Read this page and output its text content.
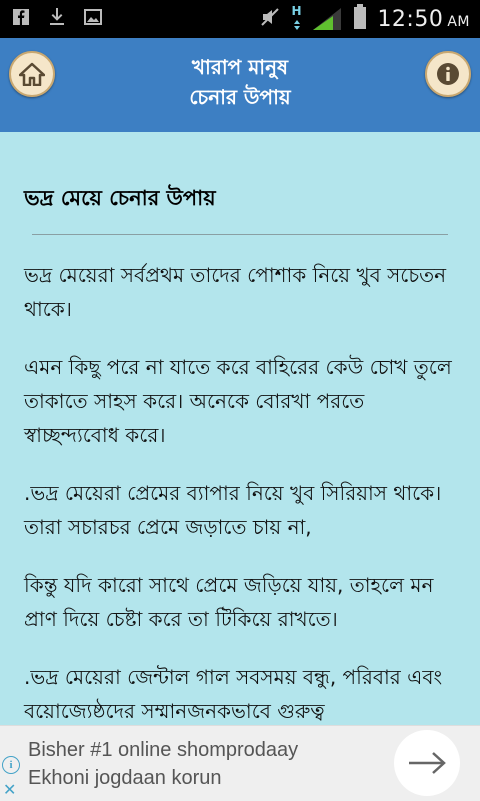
H	12:50 AM
খারাপ মানুষ
চেনার উপায়
ভদ্র মেয়ে চেনার উপায়

ভদ্র মেয়েরা সর্বপ্রথম তাদের পোশাক নিয়ে খুব সচেতন থাকে।

এমন কিছু পরে না যাতে করে বাহিরের কেউ চোখ তুলে তাকাতে সাহস করে। অনেকে বোরখা পরতে স্বাচ্ছন্দ্যবোধ করে।

.ভদ্র মেয়েরা প্রেমের ব্যাপার নিয়ে খুব সিরিয়াস থাকে। তারা সচারচর প্রেমে জড়াতে চায় না,

কিন্তু যদি কারো সাথে প্রেমে জড়িয়ে যায়, তাহলে মন প্রাণ দিয়ে চেষ্টা করে তা টিকিয়ে রাখতে।

.ভদ্র মেয়েরা জেন্টাল গাল সবসময় বন্ধু, পরিবার এবং বয়োজ্যেষ্ঠদের সম্মানজনকভাবে গুরুত্ব

i
✕
Bisher #1 online shomprodaay
Ekhoni jogdaan korun
